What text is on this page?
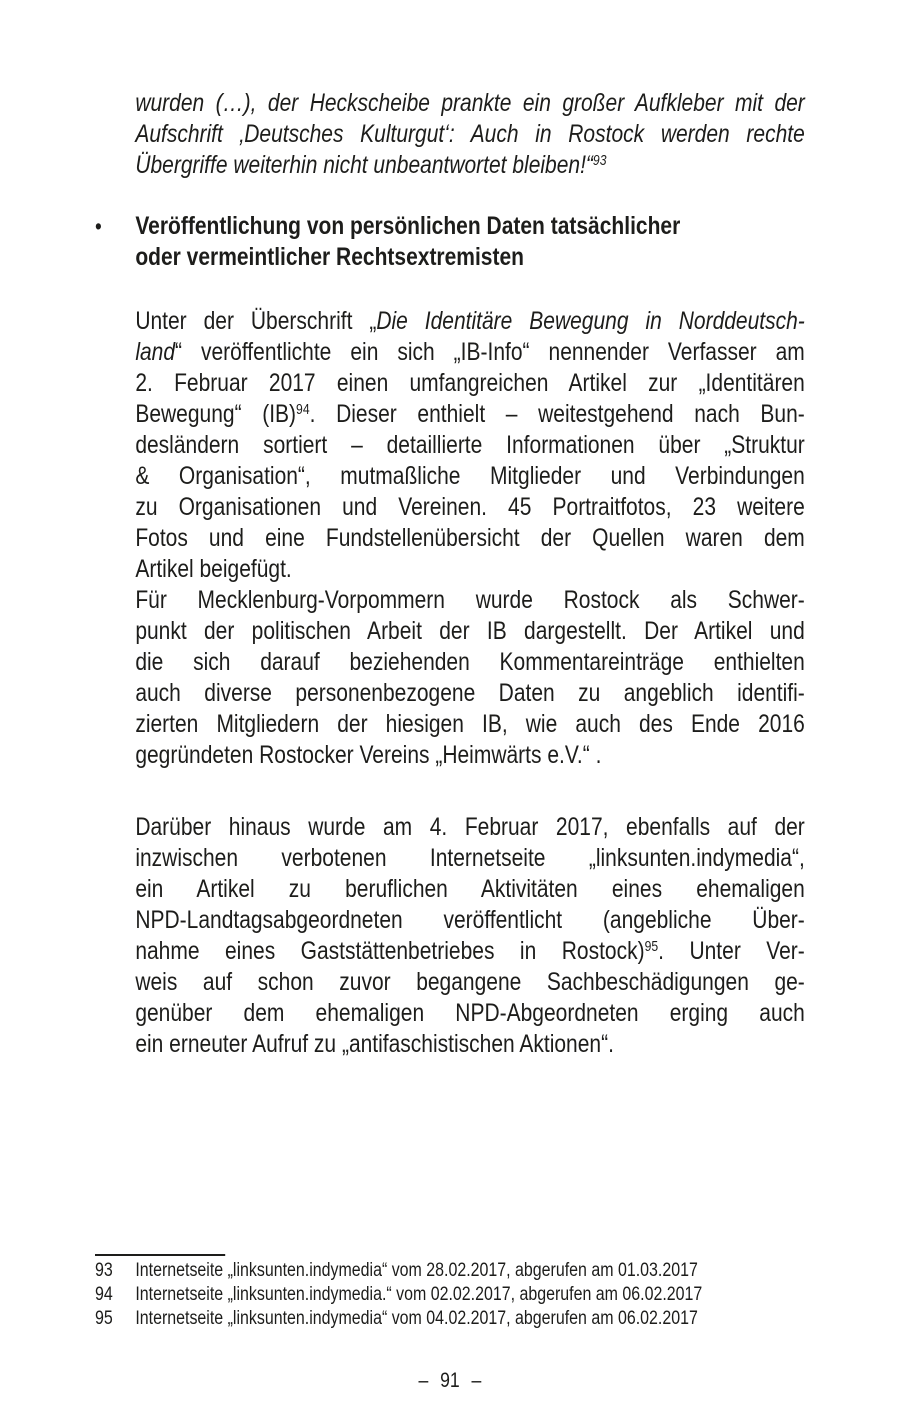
wurden (…), der Heckscheibe prankte ein großer Aufkleber mit der
Aufschrift ‚Deutsches Kulturgut‘: Auch in Rostock werden rechte
Übergriffe weiterhin nicht unbeantwortet bleiben!“$^{93}$
•	Veröffentlichung von persönlichen Daten tatsächlicher
oder vermeintlicher Rechtsextremisten
Unter der Überschrift „Die Identitäre Bewegung in Norddeutsch-
land“ veröffentlichte ein sich „IB-Info“ nennender Verfasser am
2. Februar 2017 einen umfangreichen Artikel zur „Identitären
Bewegung“ (IB)$^{94}$. Dieser enthielt – weitestgehend nach Bun-
desländern sortiert – detaillierte Informationen über „Struktur
& Organisation“, mutmaßliche Mitglieder und Verbindungen
zu Organisationen und Vereinen. 45 Portraitfotos, 23 weitere
Fotos und eine Fundstellenübersicht der Quellen waren dem
Artikel beigefügt.
Für Mecklenburg-Vorpommern wurde Rostock als Schwer-
punkt der politischen Arbeit der IB dargestellt. Der Artikel und
die sich darauf beziehenden Kommentareinträge enthielten
auch diverse personenbezogene Daten zu angeblich identifi-
zierten Mitgliedern der hiesigen IB, wie auch des Ende 2016
gegründeten Rostocker Vereins „Heimwärts e.V.“ .
Darüber hinaus wurde am 4. Februar 2017, ebenfalls auf der
inzwischen verbotenen Internetseite „linksunten.indymedia“,
ein Artikel zu beruflichen Aktivitäten eines ehemaligen
NPD-Landtagsabgeordneten veröffentlicht (angebliche Über-
nahme eines Gaststättenbetriebes in Rostock)$^{95}$. Unter Ver-
weis auf schon zuvor begangene Sachbeschädigungen ge-
genüber dem ehemaligen NPD-Abgeordneten erging auch
ein erneuter Aufruf zu „antifaschistischen Aktionen“.
93	Internetseite „linksunten.indymedia“ vom 28.02.2017, abgerufen am 01.03.2017
94	Internetseite „linksunten.indymedia.“ vom 02.02.2017, abgerufen am 06.02.2017
95	Internetseite „linksunten.indymedia“ vom 04.02.2017, abgerufen am 06.02.2017
– 91 –
